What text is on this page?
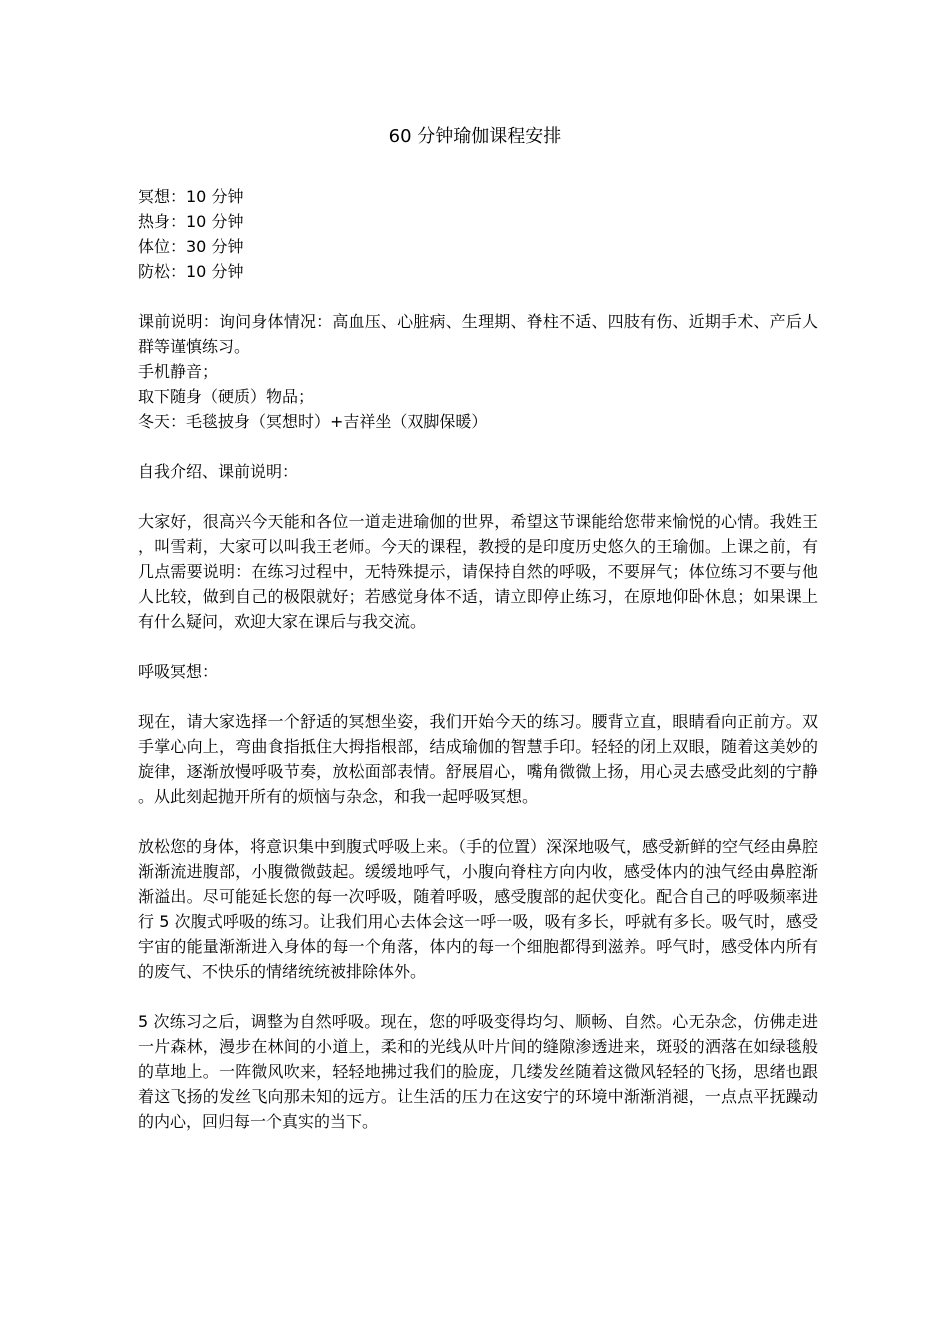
60 分钟瑜伽课程安排
冥想：10 分钟
热身：10 分钟
体位：30 分钟
防松：10 分钟
课前说明：询问身体情况：高血压、心脏病、生理期、脊柱不适、四肢有伤、近期手术、产后人群等谨慎练习。
手机静音；
取下随身（硬质）物品；
冬天：毛毯披身（冥想时）+吉祥坐（双脚保暖）
自我介绍、课前说明：
大家好，很高兴今天能和各位一道走进瑜伽的世界，希望这节课能给您带来愉悦的心情。我姓王，叫雪莉，大家可以叫我王老师。今天的课程，教授的是印度历史悠久的王瑜伽。上课之前，有几点需要说明：在练习过程中，无特殊提示，请保持自然的呼吸，不要屏气；体位练习不要与他人比较，做到自己的极限就好；若感觉身体不适，请立即停止练习，在原地仰卧休息；如果课上有什么疑问，欢迎大家在课后与我交流。
呼吸冥想：
现在，请大家选择一个舒适的冥想坐姿，我们开始今天的练习。腰背立直，眼睛看向正前方。双手掌心向上，弯曲食指抵住大拇指根部，结成瑜伽的智慧手印。轻轻的闭上双眼，随着这美妙的旋律，逐渐放慢呼吸节奏，放松面部表情。舒展眉心，嘴角微微上扬，用心灵去感受此刻的宁静。从此刻起抛开所有的烦恼与杂念，和我一起呼吸冥想。
放松您的身体，将意识集中到腹式呼吸上来。（手的位置）深深地吸气，感受新鲜的空气经由鼻腔渐渐流进腹部，小腹微微鼓起。缓缓地呼气，小腹向脊柱方向内收，感受体内的浊气经由鼻腔渐渐溢出。尽可能延长您的每一次呼吸，随着呼吸，感受腹部的起伏变化。配合自己的呼吸频率进行 5 次腹式呼吸的练习。让我们用心去体会这一呼一吸，吸有多长，呼就有多长。吸气时，感受宇宙的能量渐渐进入身体的每一个角落，体内的每一个细胞都得到滋养。呼气时，感受体内所有的废气、不快乐的情绪统统被排除体外。
5 次练习之后，调整为自然呼吸。现在，您的呼吸变得均匀、顺畅、自然。心无杂念，仿佛走进一片森林，漫步在林间的小道上，柔和的光线从叶片间的缝隙渗透进来，斑驳的洒落在如绿毯般的草地上。一阵微风吹来，轻轻地拂过我们的脸庞，几缕发丝随着这微风轻轻的飞扬，思绪也跟着这飞扬的发丝飞向那未知的远方。让生活的压力在这安宁的环境中渐渐消褪，一点点平抚躁动的内心，回归每一个真实的当下。
